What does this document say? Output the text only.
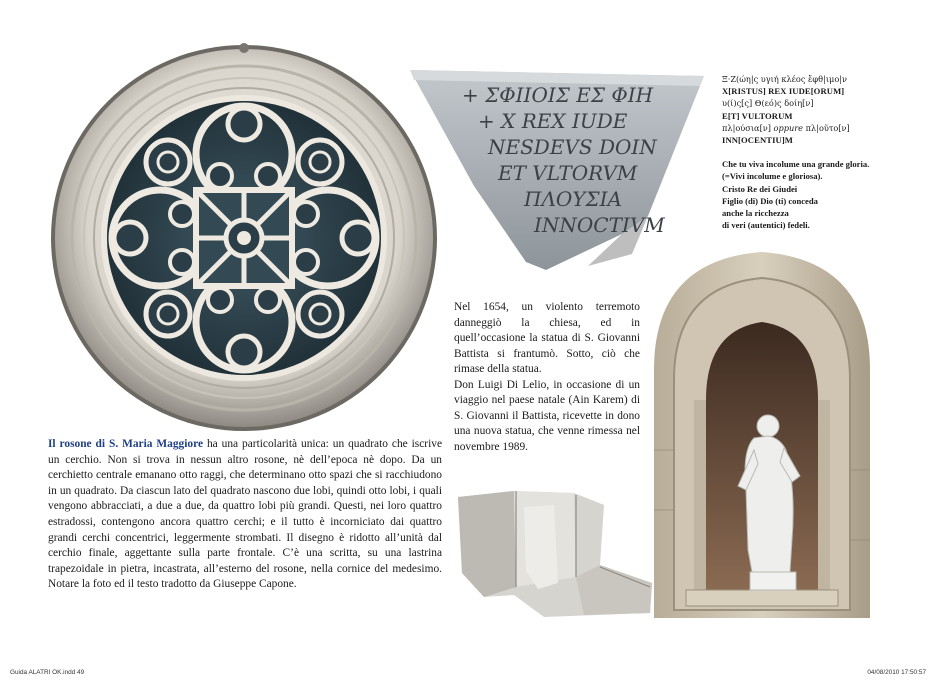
+ ΣΦΙΙΟΙΣ ΕΣ ΦΙΗ
+ X REX IUDE
NESDEVS DOIN
ET VLTORVM
ΠΛΟΥΣΙΑ
INNOCTIVM
Ξ·Ζ(ώη|ς υγιή κλέος ἔφθ|ιμο|ν
X[RISTUS] REX IUDE[ORUM]
υ(ί)ς[ς] Θ(εό)ς δοίη[ν]
E[T] VULTORUM
πλ|ούσια[ν] oppure πλ|οῦτο[ν]
INN[OCENTIU]M
Che tu viva incolume una grande gloria.
(=Vivi incolume e gloriosa).
Cristo Re dei Giudei
Figlio (di) Dio (ti) conceda
anche la ricchezza
di veri (autentici) fedeli.

Nel 1654, un violento terremoto danneggiò la chiesa, ed in quell’occasione la statua di S. Giovanni Battista si frantumò. Sotto, ciò che rimase della statua.

Don Luigi Di Lelio, in occasione di un viaggio nel paese natale (Ain Karem) di S. Giovanni il Battista, ricevette in dono una nuova statua, che venne rimessa nel novembre 1989.

Il rosone di S. Maria Maggiore ha una particolarità unica: un quadrato che iscrive un cerchio. Non si trova in nessun altro rosone, nè dell’epoca nè dopo. Da un cerchietto centrale emanano otto raggi, che determinano otto spazi che si racchiudono in un quadrato. Da ciascun lato del quadrato nascono due lobi, quindi otto lobi, i quali vengono abbracciati, a due a due, da quattro lobi più grandi. Questi, nei loro quattro estradossi, contengono ancora quattro cerchi; e il tutto è incorniciato dai quattro grandi cerchi concentrici, leggermente strombati. Il disegno è ridotto all’unità dal cerchio finale, aggettante sulla parte frontale. C’è una scritta, su una lastrina trapezoidale in pietra, incastrata, all’esterno del rosone, nella cornice del medesimo. Notare la foto ed il testo tradotto da Giuseppe Capone.
Guida ALATRI OK.indd 49	04/08/2010 17:50:57
